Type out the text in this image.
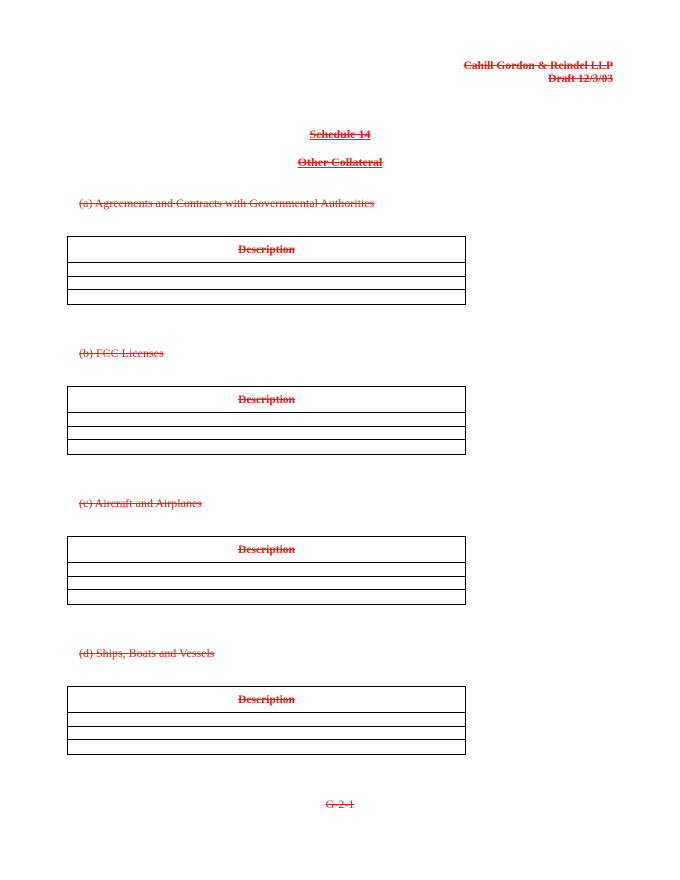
Cahill Gordon & Reindel LLP
Draft 12/3/03
Schedule 14
Other Collateral
(a) Agreements and Contracts with Governmental Authorities
Description
(b) FCC Licenses
Description
(c) Aircraft and Airplanes
Description
(d) Ships, Boats and Vessels
Description
G-2-1
